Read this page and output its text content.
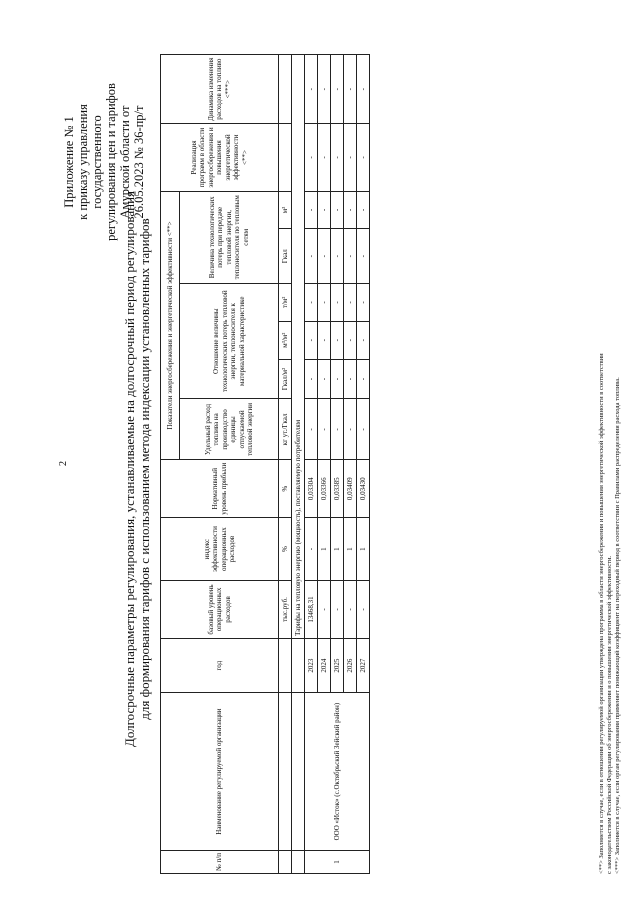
2
Приложение № 1 к приказу управления государственного регулирования цен и тарифов Амурской области от 26.05.2023 № 36-пр/т
Долгосрочные параметры регулирования, устанавливаемые на долгосрочный период регулирования для формирования тарифов с использованием метода индексации установленных тарифов
№ п/п	Наименование регулируемой организации	год	базовый уровень операционных расходов	индекс эффективности операционных расходов	Нормативный уровень прибыли	Показатели энергосбережения и энергетической эффективности <**>						Реализация программ в области энергосбережения и повышения энергетической эффективности <**>	Динамика изменения расходов на топливо <***>
						Удельный расход топлива на производство единицы отпускаемой тепловой энергии	Отношение величины технологических потерь тепловой энергии, теплоносителя к материальной характеристике			Величина технологических потерь при передаче тепловой энергии, теплоносителя по тепловым сетям			
			тыс.руб.	%	%	кг ут./Гкал	Гкал/м²	м³/м²	т/м²	Гкал	м³		
			Тарифы на тепловую энергию (мощность), поставляемую потребителям										
1	ООО «Исток» (с.Октябрьский Зейский район)	2023	13468,31	-	0,03304	-	-	-	-	-	-	-	-
		2024	-	1	0,03366	-	-	-	-	-	-	-	-
		2025	-	1	0,03385	-	-	-	-	-	-	-	-
		2026	-	1	0,03409	-	-	-	-	-	-	-	-
		2027	-	1	0,03430	-	-	-	-	-	-	-	-
<**> Заполняется в случае, если в отношении регулируемой организации утверждена программа в области энергосбережения и повышения энергетической эффективности в соответствии с законодательством Российской Федерации об энергосбережении и о повышении энергетической эффективности. <***> Заполняется в случае, если орган регулирования применяет понижающий коэффициент на переходный период в соответствии с Правилами распределения расхода топлива.
